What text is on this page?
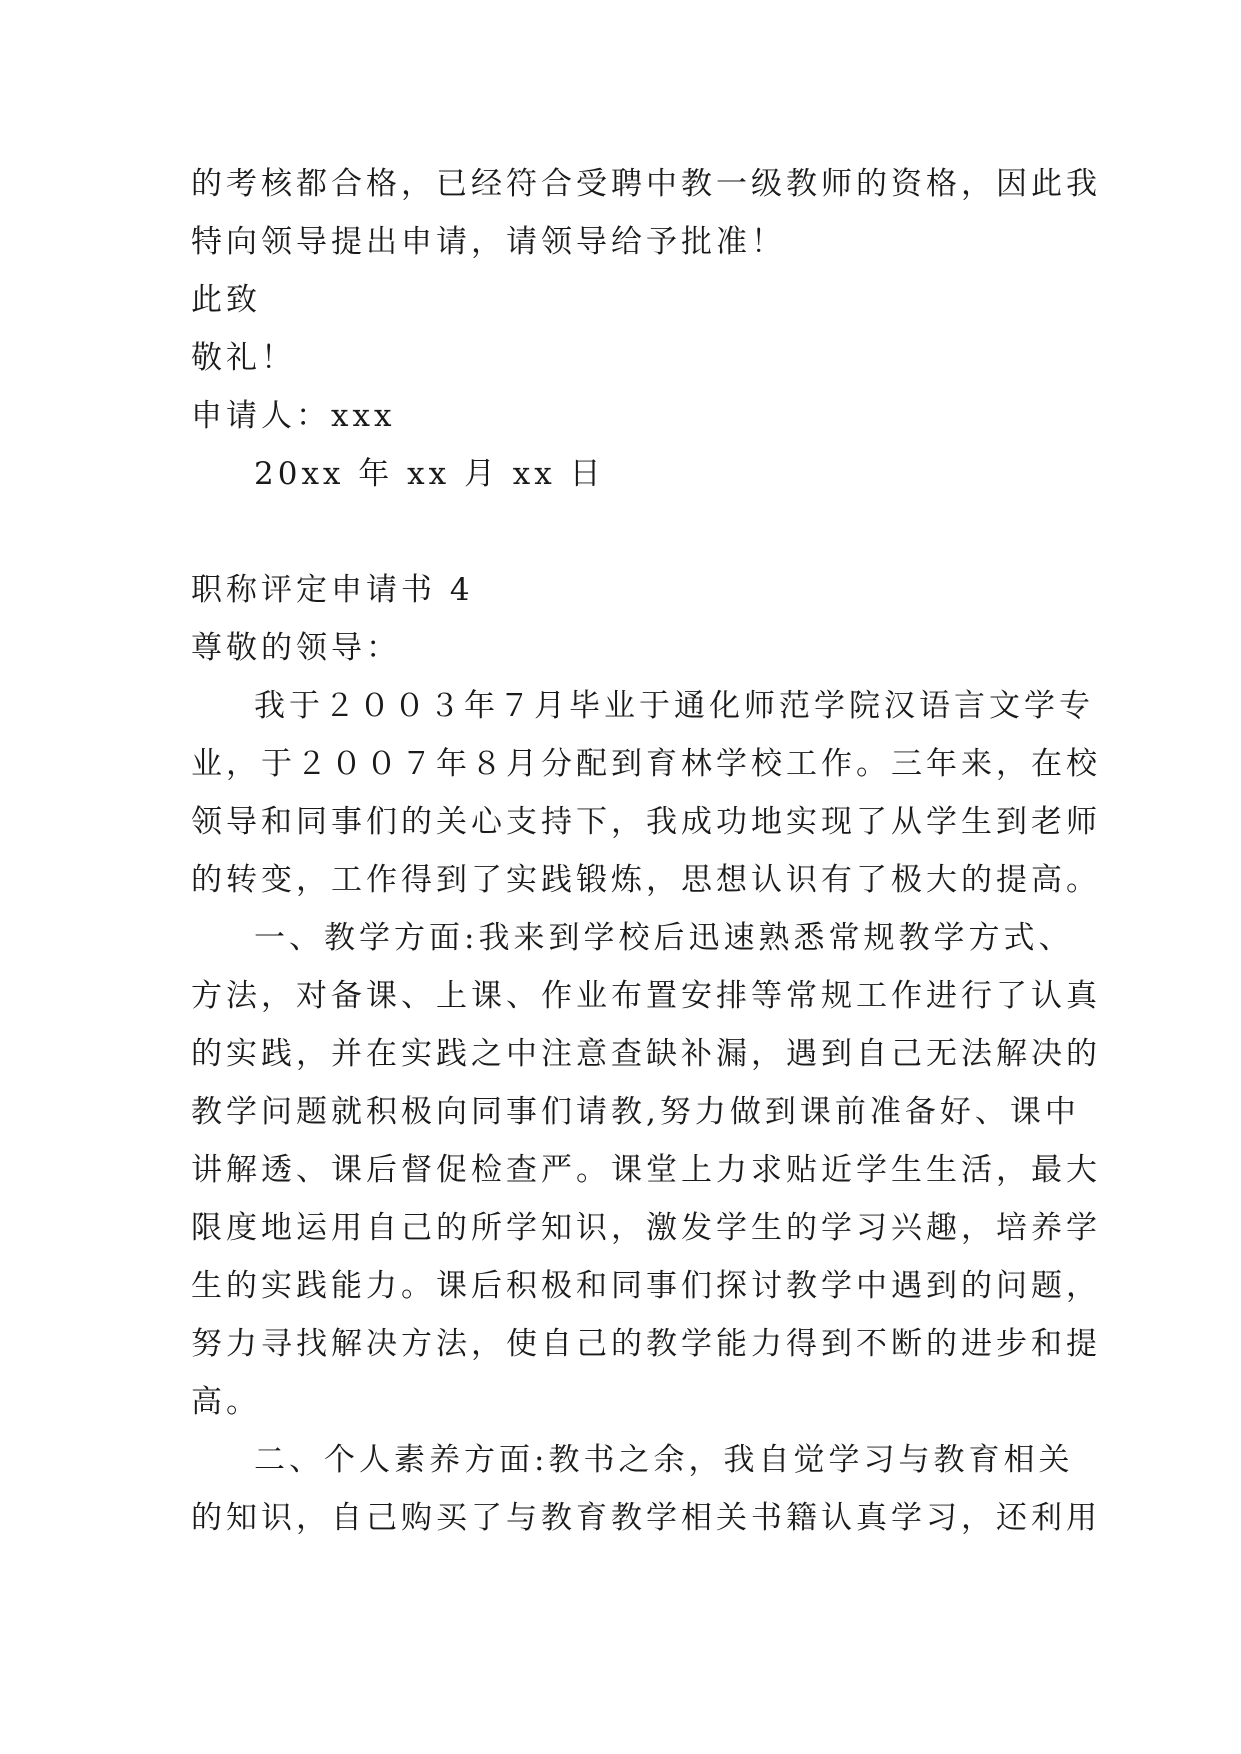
的考核都合格，已经符合受聘中教一级教师的资格，因此我
特向领导提出申请，请领导给予批准！
此致
敬礼！
申请人：xxx
20xx 年 xx 月 xx 日
职称评定申请书 4
尊敬的领导：
我于２００３年７月毕业于通化师范学院汉语言文学专
业，于２００７年８月分配到育林学校工作。三年来，在校
领导和同事们的关心支持下，我成功地实现了从学生到老师
的转变，工作得到了实践锻炼，思想认识有了极大的提高。
一、教学方面:我来到学校后迅速熟悉常规教学方式、
方法，对备课、上课、作业布置安排等常规工作进行了认真
的实践，并在实践之中注意查缺补漏，遇到自己无法解决的
教学问题就积极向同事们请教,努力做到课前准备好、课中
讲解透、课后督促检查严。课堂上力求贴近学生生活，最大
限度地运用自己的所学知识，激发学生的学习兴趣，培养学
生的实践能力。课后积极和同事们探讨教学中遇到的问题，
努力寻找解决方法，使自己的教学能力得到不断的进步和提
高。
二、个人素养方面:教书之余，我自觉学习与教育相关
的知识，自己购买了与教育教学相关书籍认真学习，还利用
